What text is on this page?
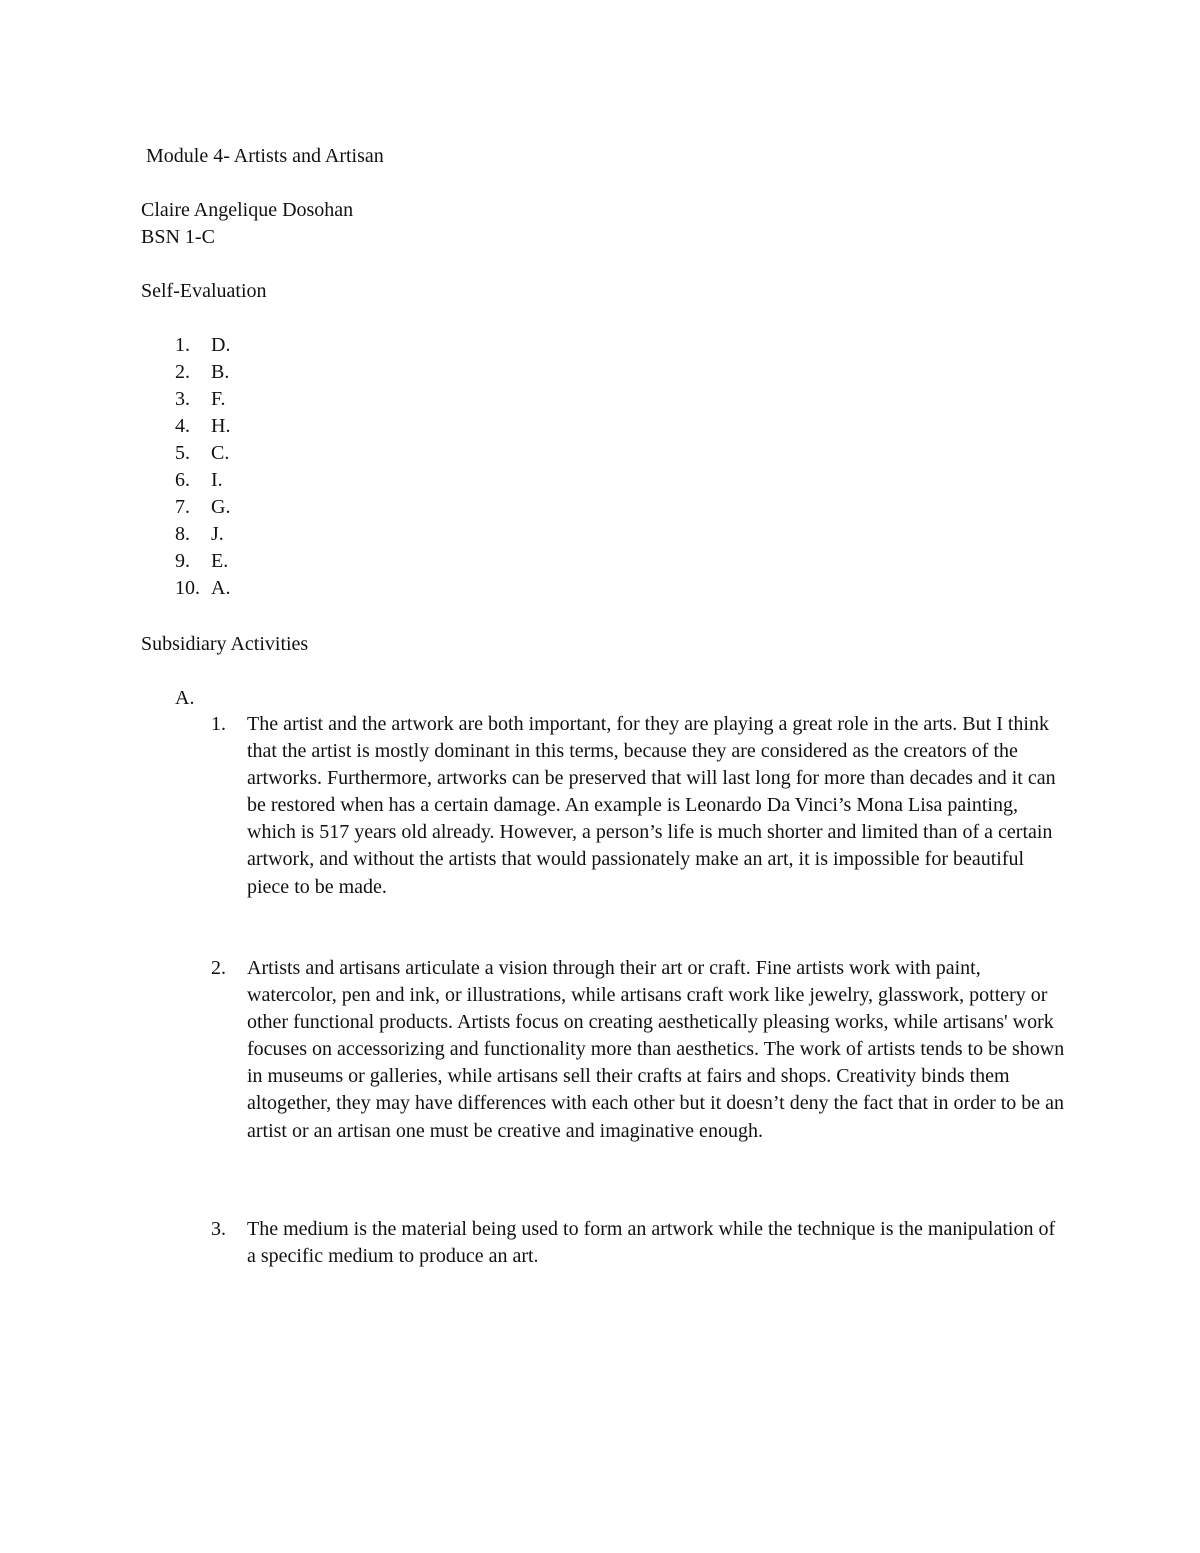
Module 4- Artists and Artisan
Claire Angelique Dosohan
BSN 1-C
Self-Evaluation
1.	D.
2.	B.
3.	F.
4.	H.
5.	C.
6.	I.
7.	G.
8.	J.
9.	E.
10. A.
Subsidiary Activities
A.
1. The artist and the artwork are both important, for they are playing a great role in the arts. But I think that the artist is mostly dominant in this terms, because they are considered as the creators of the artworks. Furthermore, artworks can be preserved that will last long for more than decades and it can be restored when has a certain damage. An example is Leonardo Da Vinci’s Mona Lisa painting, which is 517 years old already. However, a person’s life is much shorter and limited than of a certain artwork, and without the artists that would passionately make an art, it is impossible for beautiful piece to be made.

2. Artists and artisans articulate a vision through their art or craft. Fine artists work with paint, watercolor, pen and ink, or illustrations, while artisans craft work like jewelry, glasswork, pottery or other functional products. Artists focus on creating aesthetically pleasing works, while artisans' work focuses on accessorizing and functionality more than aesthetics. The work of artists tends to be shown in museums or galleries, while artisans sell their crafts at fairs and shops. Creativity binds them altogether, they may have differences with each other but it doesn’t deny the fact that in order to be an artist or an artisan one must be creative and imaginative enough.

3. The medium is the material being used to form an artwork while the technique is the manipulation of a specific medium to produce an art.
